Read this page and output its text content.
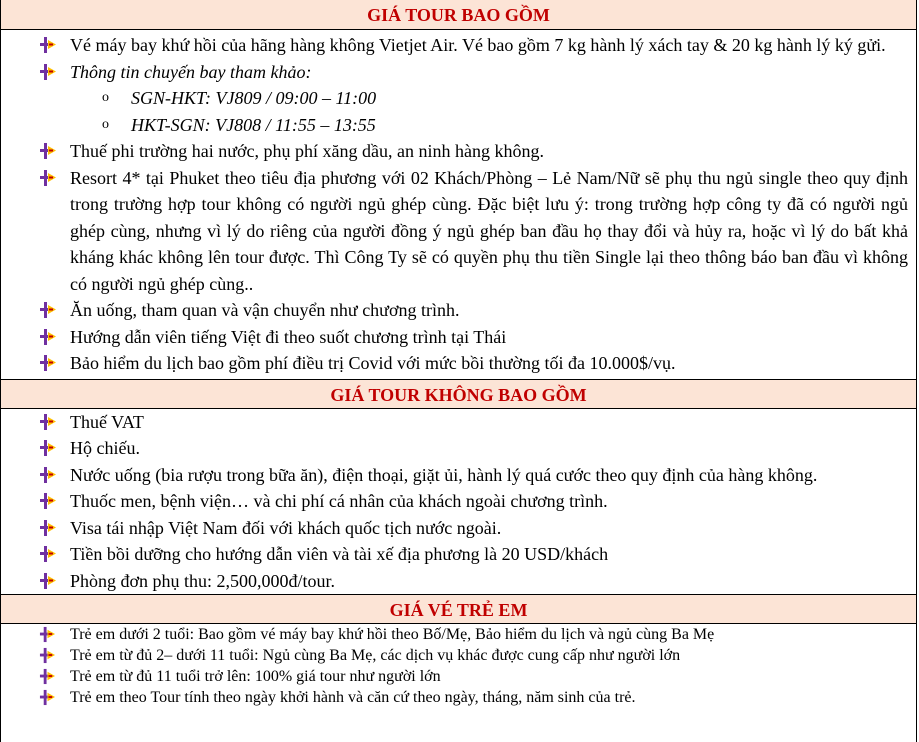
GIÁ TOUR BAO GỒM
Vé máy bay khứ hồi của hãng hàng không Vietjet Air. Vé bao gồm 7 kg hành lý xách tay & 20 kg hành lý ký gửi.
Thông tin chuyến bay tham khảo:
o SGN-HKT: VJ809 / 09:00 – 11:00
o HKT-SGN: VJ808 / 11:55 – 13:55
Thuế phi trường hai nước, phụ phí xăng dầu, an ninh hàng không.
Resort 4* tại Phuket theo tiêu địa phương với 02 Khách/Phòng – Lẻ Nam/Nữ sẽ phụ thu ngủ single theo quy định trong trường hợp tour không có người ngủ ghép cùng. Đặc biệt lưu ý: trong trường hợp công ty đã có người ngủ ghép cùng, nhưng vì lý do riêng của người đồng ý ngủ ghép ban đầu họ thay đổi và hủy ra, hoặc vì lý do bất khả kháng khác không lên tour được. Thì Công Ty sẽ có quyền phụ thu tiền Single lại theo thông báo ban đầu vì không có người ngủ ghép cùng..
Ăn uống, tham quan và vận chuyển như chương trình.
Hướng dẫn viên tiếng Việt đi theo suốt chương trình tại Thái
Bảo hiểm du lịch bao gồm phí điều trị Covid với mức bồi thường tối đa 10.000$/vụ.
GIÁ TOUR KHÔNG BAO GỒM
Thuế VAT
Hộ chiếu.
Nước uống (bia rượu trong bữa ăn), điện thoại, giặt ủi, hành lý quá cước theo quy định của hàng không.
Thuốc men, bệnh viện… và chi phí cá nhân của khách ngoài chương trình.
Visa tái nhập Việt Nam đối với khách quốc tịch nước ngoài.
Tiền bồi dưỡng cho hướng dẫn viên và tài xế địa phương là 20 USD/khách
Phòng đơn phụ thu: 2,500,000đ/tour.
GIÁ VÉ TRẺ EM
Trẻ em dưới 2 tuổi: Bao gồm vé máy bay khứ hồi theo Bố/Mẹ, Bảo hiểm du lịch và ngủ cùng Ba Mẹ
Trẻ em từ đủ 2– dưới 11 tuổi: Ngủ cùng Ba Mẹ, các dịch vụ khác được cung cấp như người lớn
Trẻ em từ đủ 11 tuổi trở lên: 100% giá tour như người lớn
Trẻ em theo Tour tính theo ngày khởi hành và căn cứ theo ngày, tháng, năm sinh của trẻ.
